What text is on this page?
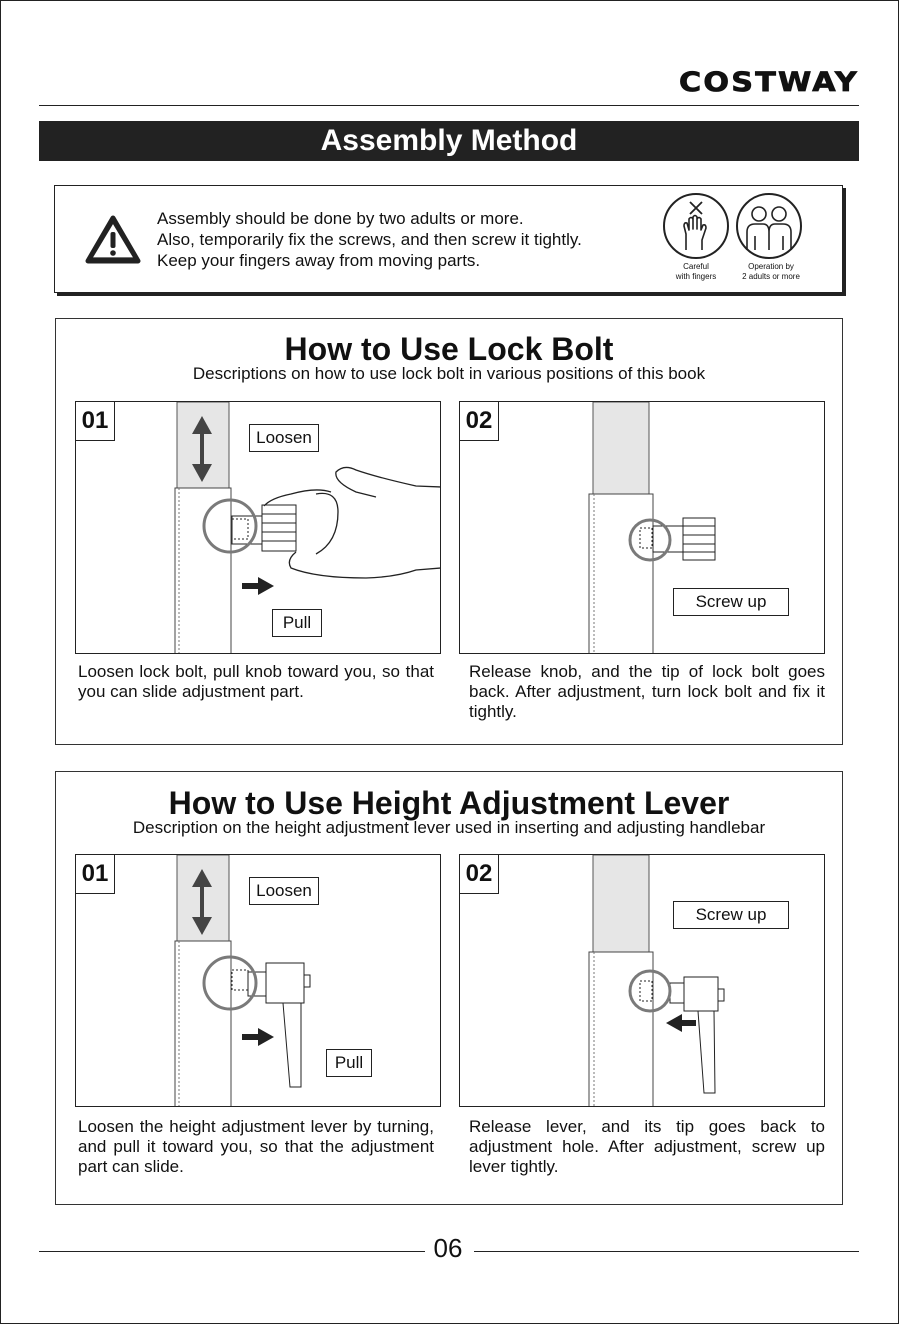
COSTWAY
Assembly Method
Assembly should be done by two adults or more.
Also, temporarily fix the screws, and then screw it tightly.
Keep your fingers away from moving parts.	Careful
with fingers
Operation by
2 adults or more
How to Use Lock Bolt
Descriptions on how to use lock bolt in various positions of this book
01
Loosen
Pull
Loosen lock bolt, pull knob toward you, so that you can slide adjustment part.
02
Screw up
Release knob, and the tip of lock bolt goes back. After adjustment, turn lock bolt and fix it tightly.
How to Use Height Adjustment Lever
Description on the height adjustment lever used in inserting and adjusting handlebar
01
Loosen
Pull
Loosen the height adjustment lever by turning, and pull it toward you, so that the adjustment part can slide.
02
Screw up
Release lever, and its tip goes back to adjustment hole. After adjustment, screw up lever tightly.
06
